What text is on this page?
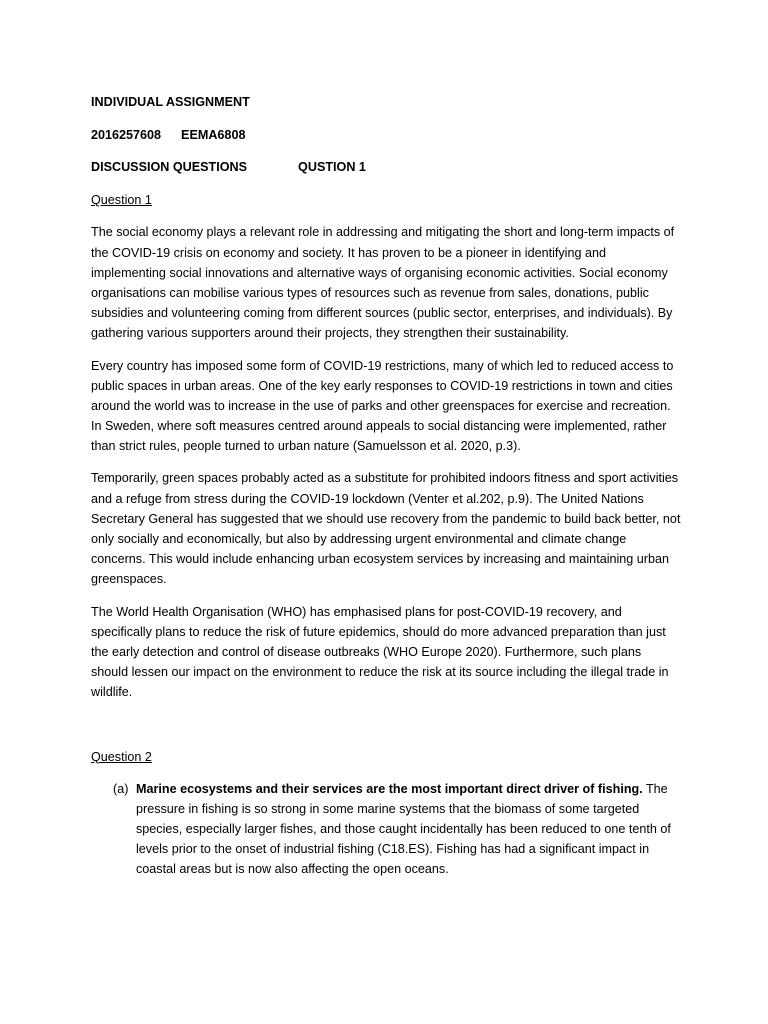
INDIVIDUAL ASSIGNMENT
2016257608 EEMA6808
DISCUSSION QUESTIONS	QUSTION 1
Question 1

The social economy plays a relevant role in addressing and mitigating the short and long-term impacts of the COVID-19 crisis on economy and society. It has proven to be a pioneer in identifying and implementing social innovations and alternative ways of organising economic activities. Social economy organisations can mobilise various types of resources such as revenue from sales, donations, public subsidies and volunteering coming from different sources (public sector, enterprises, and individuals). By gathering various supporters around their projects, they strengthen their sustainability.

Every country has imposed some form of COVID-19 restrictions, many of which led to reduced access to public spaces in urban areas. One of the key early responses to COVID-19 restrictions in town and cities around the world was to increase in the use of parks and other greenspaces for exercise and recreation. In Sweden, where soft measures centred around appeals to social distancing were implemented, rather than strict rules, people turned to urban nature (Samuelsson et al. 2020, p.3).

Temporarily, green spaces probably acted as a substitute for prohibited indoors fitness and sport activities and a refuge from stress during the COVID-19 lockdown (Venter et al.202, p.9). The United Nations Secretary General has suggested that we should use recovery from the pandemic to build back better, not only socially and economically, but also by addressing urgent environmental and climate change concerns. This would include enhancing urban ecosystem services by increasing and maintaining urban greenspaces.

The World Health Organisation (WHO) has emphasised plans for post-COVID-19 recovery, and specifically plans to reduce the risk of future epidemics, should do more advanced preparation than just the early detection and control of disease outbreaks (WHO Europe 2020). Furthermore, such plans should lessen our impact on the environment to reduce the risk at its source including the illegal trade in wildlife.

Question 2
(a) Marine ecosystems and their services are the most important direct driver of fishing. The pressure in fishing is so strong in some marine systems that the biomass of some targeted species, especially larger fishes, and those caught incidentally has been reduced to one tenth of levels prior to the onset of industrial fishing (C18.ES). Fishing has had a significant impact in coastal areas but is now also affecting the open oceans.
